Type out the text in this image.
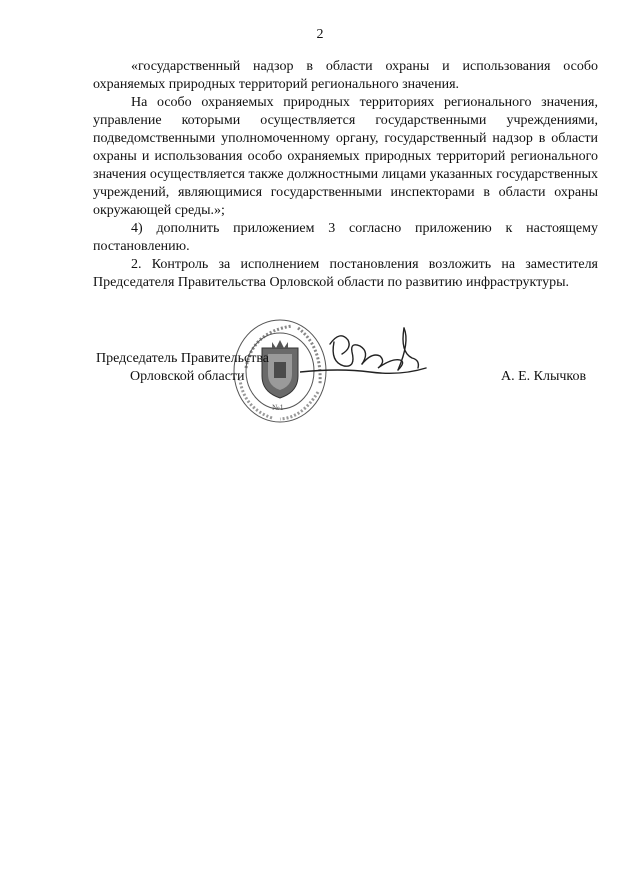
2

«государственный надзор в области охраны и использования особо охраняемых природных территорий регионального значения.

На особо охраняемых природных территориях регионального значения, управление которыми осуществляется государственными учреждениями, подведомственными уполномоченному органу, государственный надзор в области охраны и использования особо охраняемых природных территорий регионального значения осуществляется также должностными лицами указанных государственных учреждений, являющимися государственными инспекторами в области охраны окружающей среды.»;

4) дополнить приложением 3 согласно приложению к настоящему постановлению.

2. Контроль за исполнением постановления возложить на заместителя Председателя Правительства Орловской области по развитию инфраструктуры.

№1
Председатель Правительства
Орловской области	А. Е. Клычков
